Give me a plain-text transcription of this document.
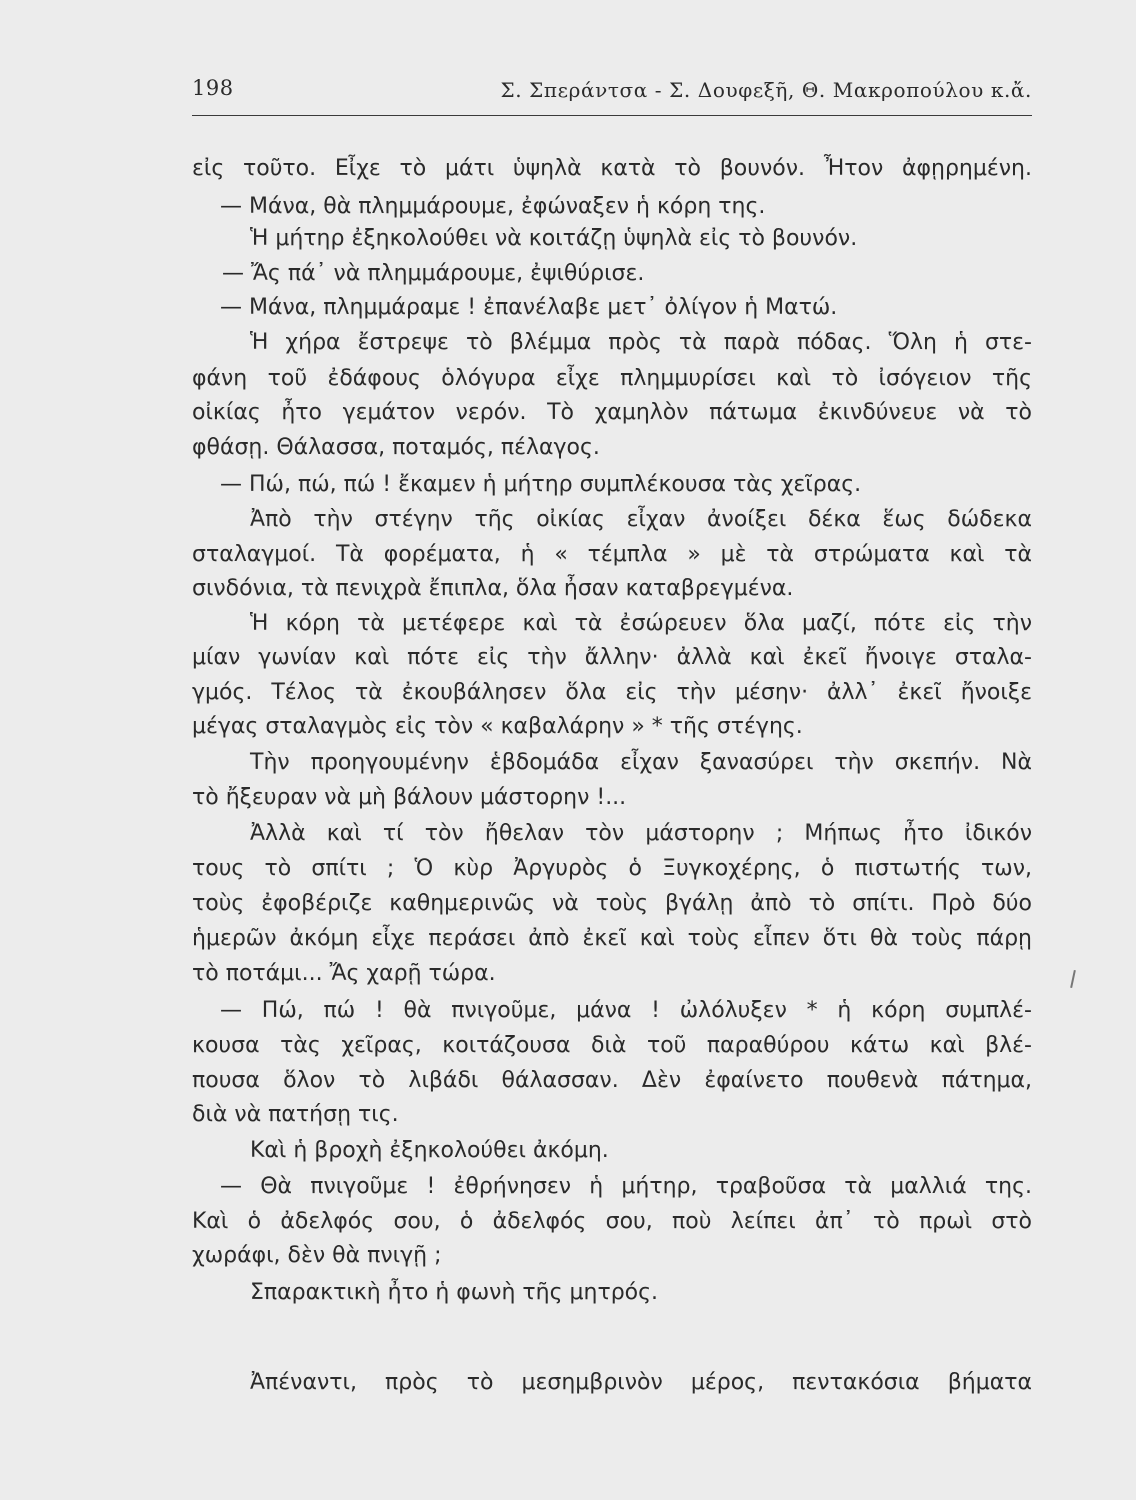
198	Σ. Σπεράντσα - Σ. Δουφεξῆ, Θ. Μακροπούλου κ.ἄ.
εἰς τοῦτο. Εἶχε τὸ μάτι ὑψηλὰ κατὰ τὸ βουνόν. Ἦτον ἀφῃρημένη.
— Μάνα, θὰ πλημμάρουμε, ἐφώναξεν ἡ κόρη της.
Ἡ μήτηρ ἐξηκολούθει νὰ κοιτάζῃ ὑψηλὰ εἰς τὸ βουνόν.
— Ἄς πά᾽ νὰ πλημμάρουμε, ἐψιθύρισε.
— Μάνα, πλημμάραμε ! ἐπανέλαβε μετ᾽ ὀλίγον ἡ Ματώ.
Ἡ χήρα ἔστρεψε τὸ βλέμμα πρὸς τὰ παρὰ πόδας. Ὅλη ἡ στε-
φάνη τοῦ ἐδάφους ὁλόγυρα εἶχε πλημμυρίσει καὶ τὸ ἰσόγειον τῆς
οἰκίας ἦτο γεμάτον νερόν. Τὸ χαμηλὸν πάτωμα ἐκινδύνευε νὰ τὸ
φθάσῃ. Θάλασσα, ποταμός, πέλαγος.
— Πώ, πώ, πώ ! ἔκαμεν ἡ μήτηρ συμπλέκουσα τὰς χεῖρας.
Ἀπὸ τὴν στέγην τῆς οἰκίας εἶχαν ἀνοίξει δέκα ἕως δώδεκα
σταλαγμοί. Τὰ φορέματα, ἡ « τέμπλα » μὲ τὰ στρώματα καὶ τὰ
σινδόνια, τὰ πενιχρὰ ἔπιπλα, ὅλα ἦσαν καταβρεγμένα.
Ἡ κόρη τὰ μετέφερε καὶ τὰ ἐσώρευεν ὅλα μαζί, πότε εἰς τὴν
μίαν γωνίαν καὶ πότε εἰς τὴν ἄλλην· ἀλλὰ καὶ ἐκεῖ ἤνοιγε σταλα-
γμός. Τέλος τὰ ἐκουβάλησεν ὅλα εἰς τὴν μέσην· ἀλλ᾽ ἐκεῖ ἤνοιξε
μέγας σταλαγμὸς εἰς τὸν « καβαλάρην » * τῆς στέγης.
Τὴν προηγουμένην ἑβδομάδα εἶχαν ξανασύρει τὴν σκεπήν. Νὰ
τὸ ἤξευραν νὰ μὴ βάλουν μάστορην !...
Ἀλλὰ καὶ τί τὸν ἤθελαν τὸν μάστορην ; Μήπως ἦτο ἰδικόν
τους τὸ σπίτι ; Ὁ κὺρ Ἀργυρὸς ὁ Ξυγκοχέρης, ὁ πιστωτής των,
τοὺς ἐφοβέριζε καθημερινῶς νὰ τοὺς βγάλῃ ἀπὸ τὸ σπίτι. Πρὸ δύο
ἡμερῶν ἀκόμη εἶχε περάσει ἀπὸ ἐκεῖ καὶ τοὺς εἶπεν ὅτι θὰ τοὺς πάρῃ
τὸ ποτάμι... Ἄς χαρῇ τώρα.
— Πώ, πώ ! θὰ πνιγοῦμε, μάνα ! ὠλόλυξεν * ἡ κόρη συμπλέ-
κουσα τὰς χεῖρας, κοιτάζουσα διὰ τοῦ παραθύρου κάτω καὶ βλέ-
πουσα ὅλον τὸ λιβάδι θάλασσαν. Δὲν ἐφαίνετο πουθενὰ πάτημα,
διὰ νὰ πατήσῃ τις.
Καὶ ἡ βροχὴ ἐξηκολούθει ἀκόμη.
— Θὰ πνιγοῦμε ! ἐθρήνησεν ἡ μήτηρ, τραβοῦσα τὰ μαλλιά της.
Καὶ ὁ ἀδελφός σου, ὁ ἀδελφός σου, ποὺ λείπει ἀπ᾽ τὸ πρωὶ στὸ
χωράφι, δὲν θὰ πνιγῇ ;
Σπαρακτικὴ ἦτο ἡ φωνὴ τῆς μητρός.
Ἀπέναντι, πρὸς τὸ μεσημβρινὸν μέρος, πεντακόσια βήματα
